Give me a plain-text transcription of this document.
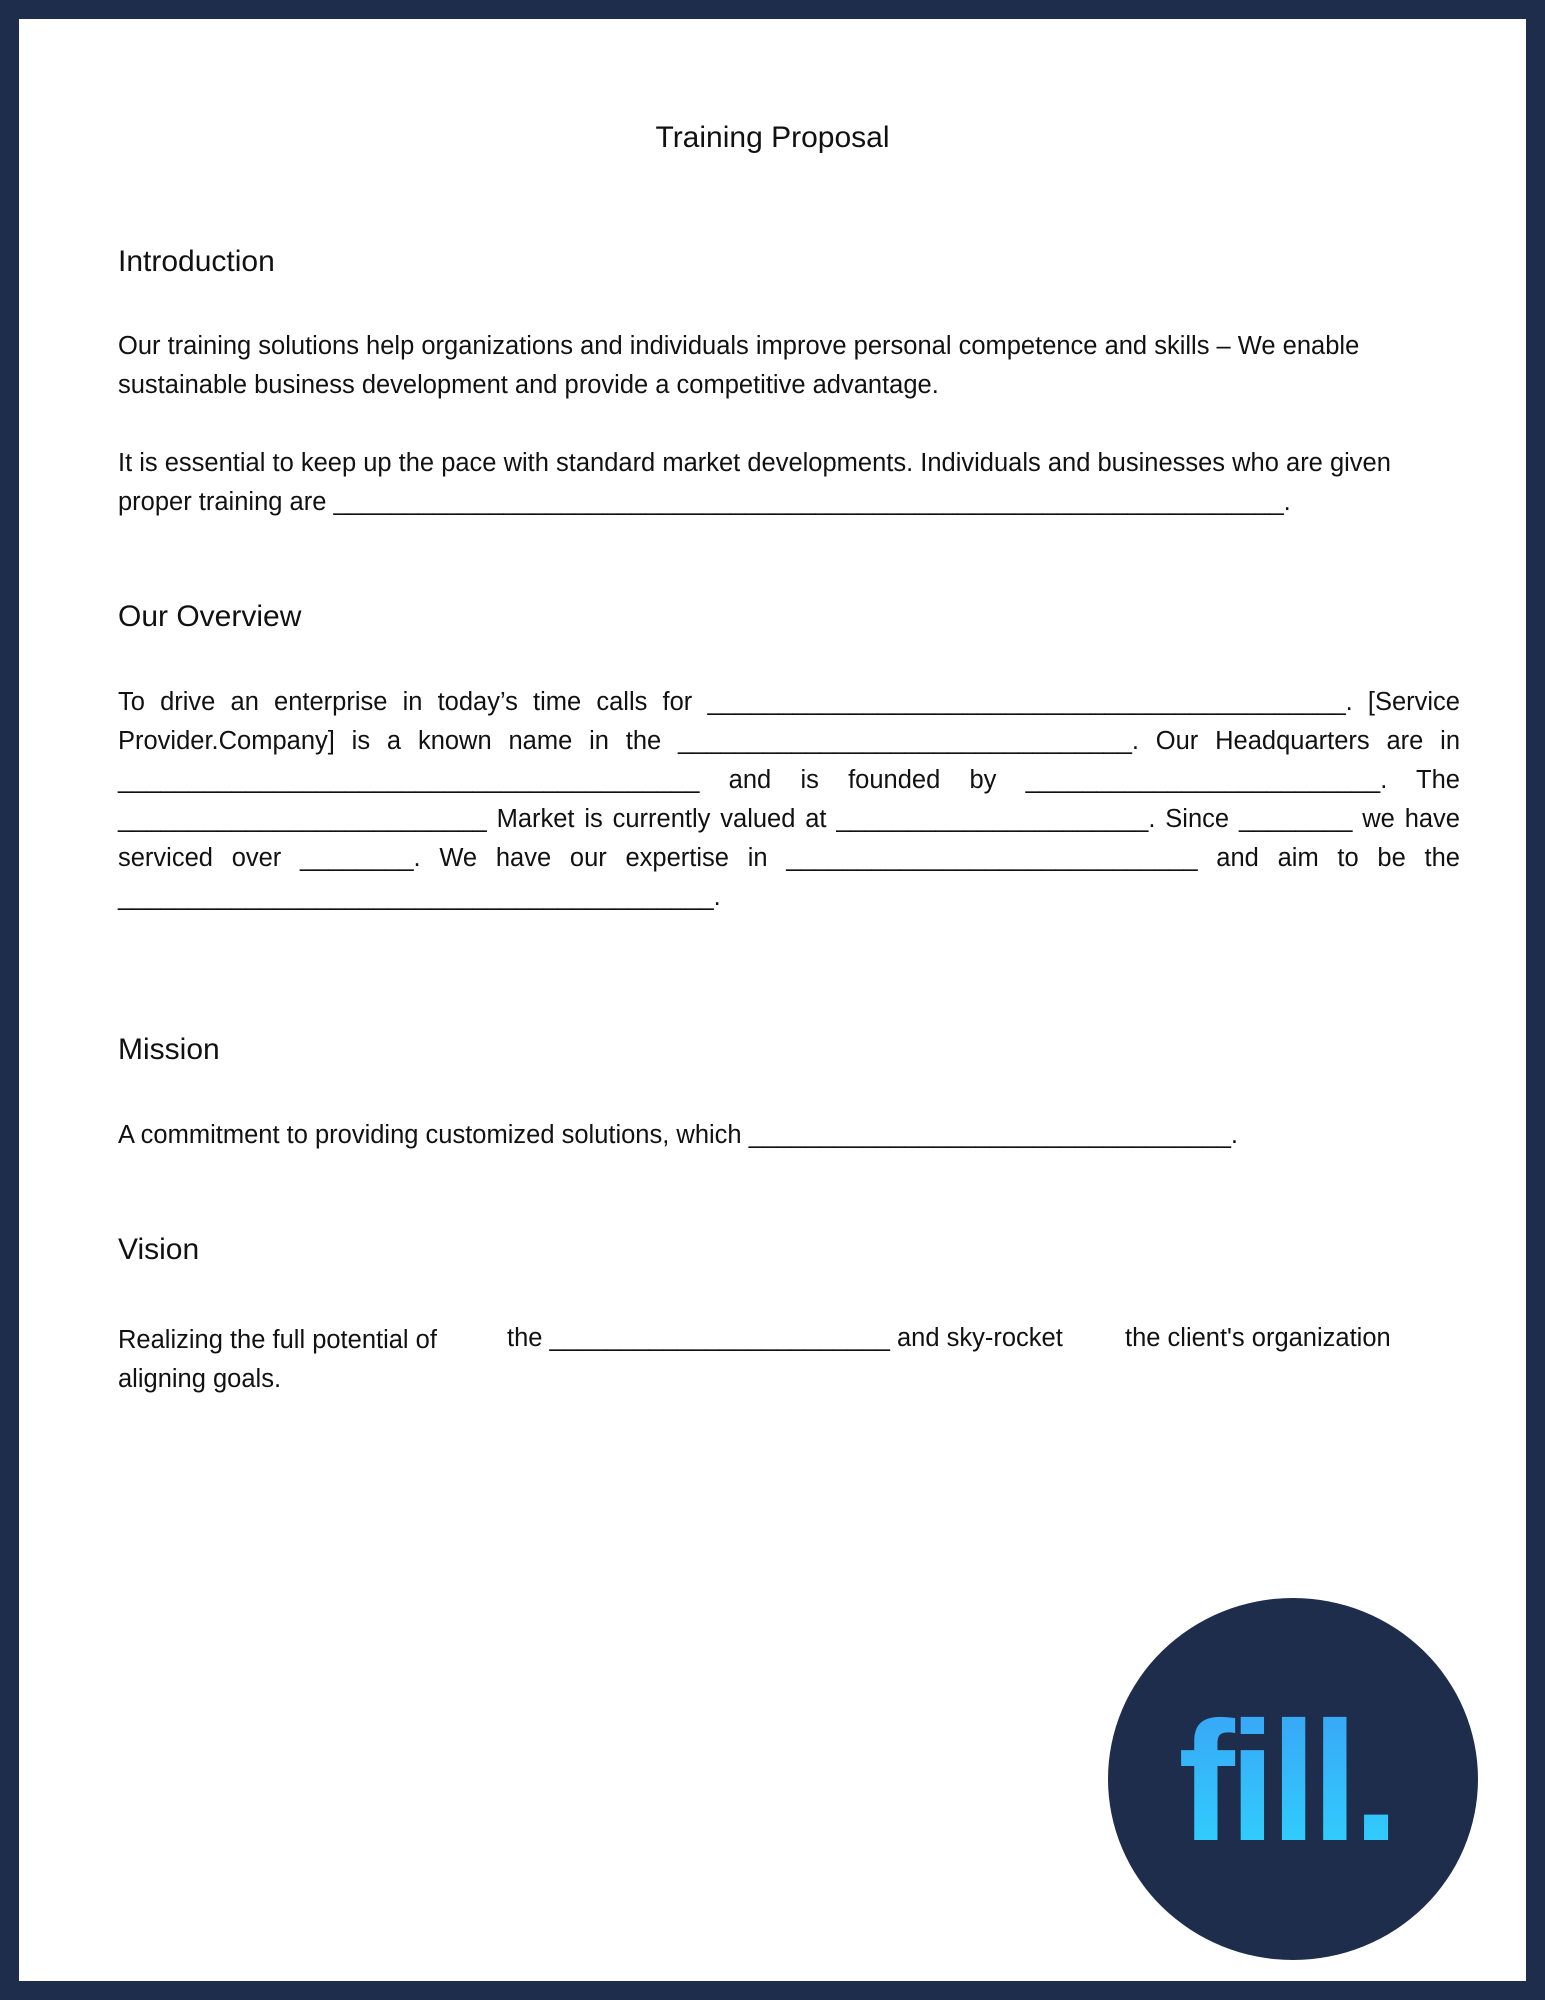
Training Proposal
Introduction
Our training solutions help organizations and individuals improve personal competence and skills – We enable sustainable business development and provide a competitive advantage.
It is essential to keep up the pace with standard market developments. Individuals and businesses who are given proper training are ___________________________________________________________________.
Our Overview
To drive an enterprise in today’s time calls for _____________________________________________. [Service Provider.Company] is a known name in the ________________________________. Our Headquarters are in _________________________________________ and is founded by _________________________. The __________________________ Market is currently valued at ______________________. Since ________ we have serviced over ________. We have our expertise in _____________________________ and aim to be the __________________________________________.
Mission
A commitment to providing customized solutions, which __________________________________.
Vision
Realizing the full potential of aligning goals.
the ________________________ and sky-rocket the client's organization
fill.
